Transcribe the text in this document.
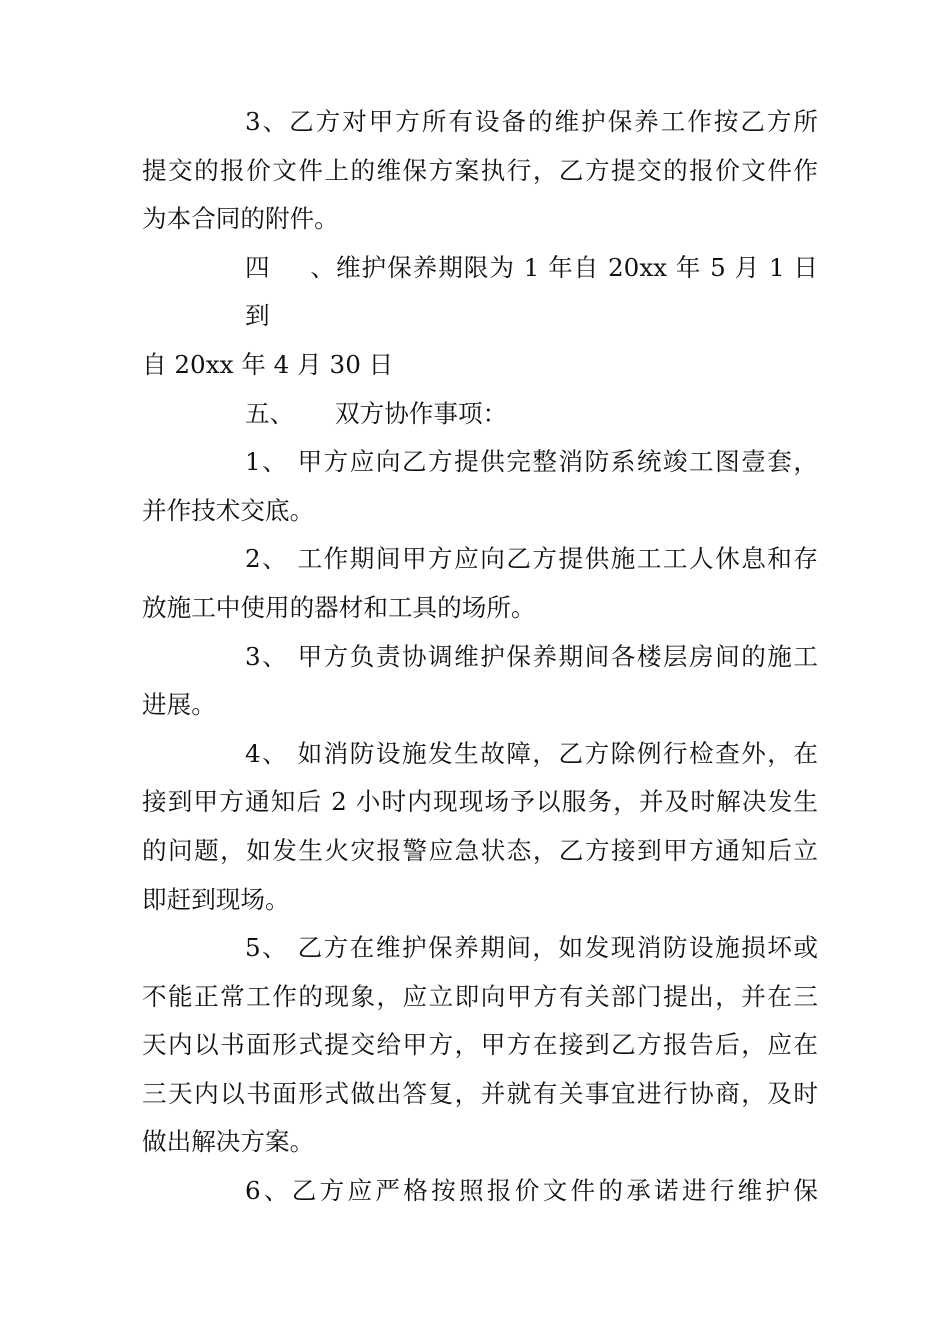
3、乙方对甲方所有设备的维护保养工作按乙方所

提交的报价文件上的维保方案执行，乙方提交的报价文件作

为本合同的附件。

四、维护保养期限为 1 年自 20xx 年 5 月 1 日 到

自 20xx 年 4 月 30 日

五、 双方协作事项：

1、 甲方应向乙方提供完整消防系统竣工图壹套，

并作技术交底。

2、 工作期间甲方应向乙方提供施工工人休息和存

放施工中使用的器材和工具的场所。

3、 甲方负责协调维护保养期间各楼层房间的施工

进展。

4、 如消防设施发生故障，乙方除例行检查外，在

接到甲方通知后 2 小时内现现场予以服务，并及时解决发生

的问题，如发生火灾报警应急状态，乙方接到甲方通知后立

即赶到现场。

5、 乙方在维护保养期间，如发现消防设施损坏或

不能正常工作的现象，应立即向甲方有关部门提出，并在三

天内以书面形式提交给甲方，甲方在接到乙方报告后，应在

三天内以书面形式做出答复，并就有关事宜进行协商，及时

做出解决方案。

6、乙方应严格按照报价文件的承诺进行维护保
